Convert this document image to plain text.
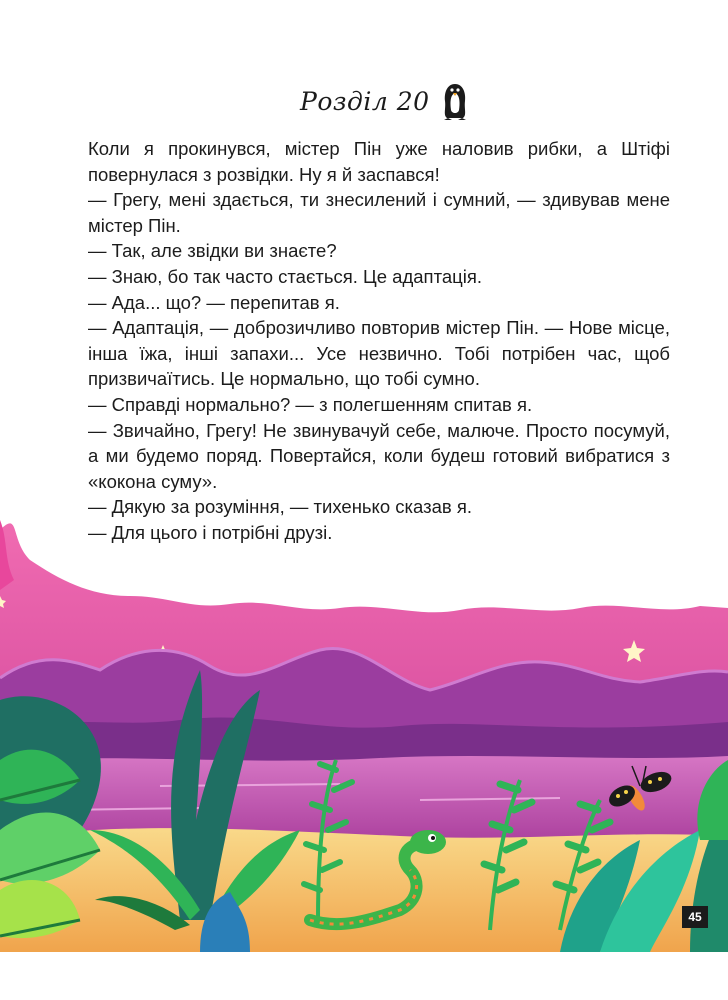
Розділ 20

Коли я прокинувся, містер Пін уже наловив рибки, а Штіфі повернулася з розвідки. Ну я й заспався!

— Грегу, мені здається, ти знесилений і сумний, — здивував мене містер Пін.

— Так, але звідки ви знаєте?

— Знаю, бо так часто стається. Це адаптація.

— Ада... що? — перепитав я.

— Адаптація, — доброзичливо повторив містер Пін. — Нове місце, інша їжа, інші запахи... Усе незвично. Тобі потрібен час, щоб призвичаїтись. Це нормально, що тобі сумно.

— Справді нормально? — з полегшенням спитав я.

— Звичайно, Грегу! Не звинувачуй себе, малюче. Просто посумуй, а ми будемо поряд. Повертайся, коли будеш готовий вибратися з «кокона суму».

— Дякую за розуміння, — тихенько сказав я.

— Для цього і потрібні друзі.

45
